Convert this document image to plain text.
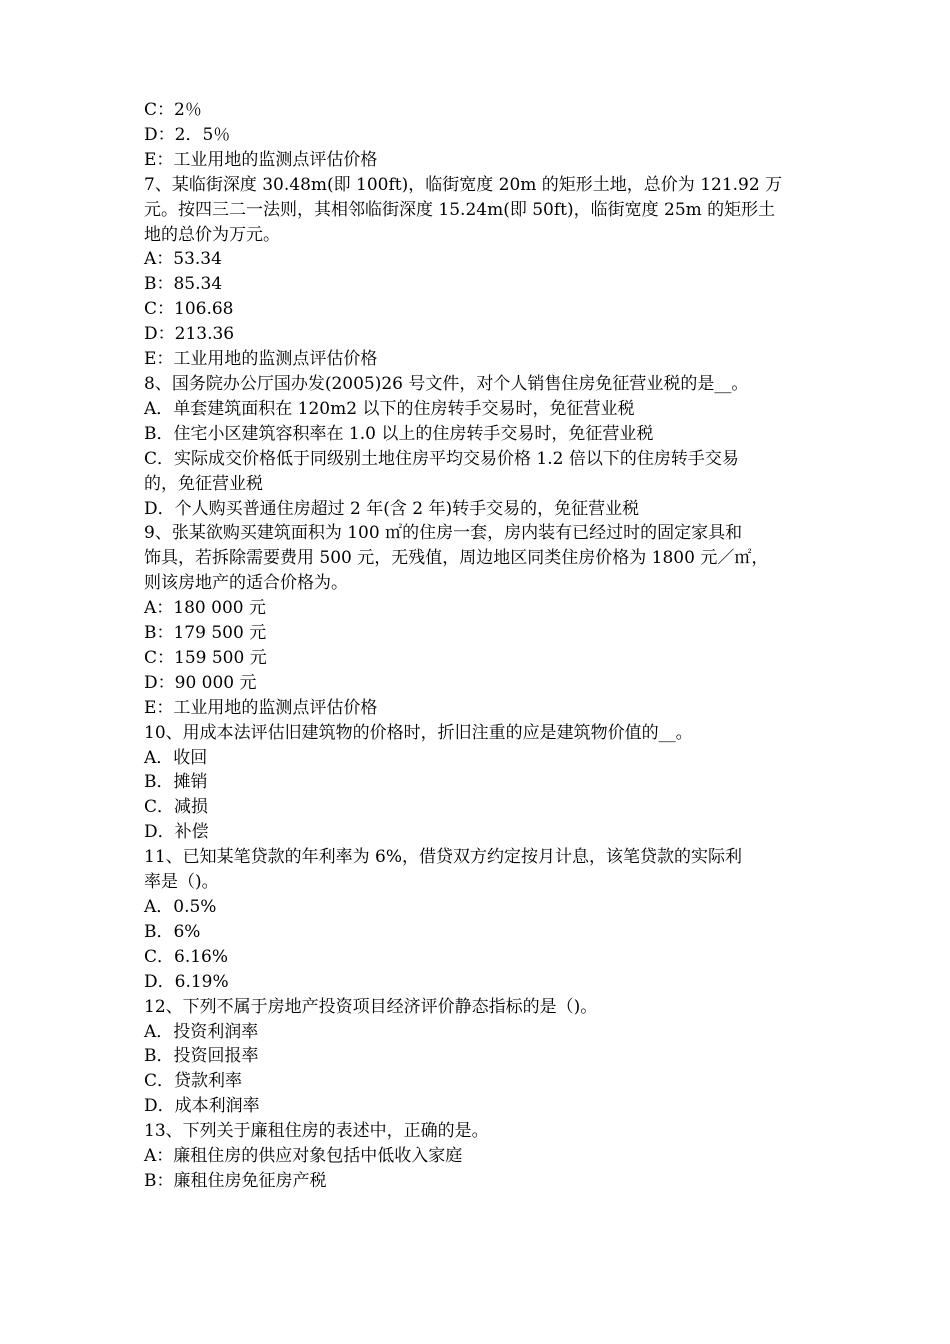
C：2％
D：2．5％
E：工业用地的监测点评估价格
7、某临街深度 30.48m(即 100ft)，临街宽度 20m 的矩形土地，总价为 121.92 万
元。按四三二一法则，其相邻临街深度 15.24m(即 50ft)，临街宽度 25m 的矩形土
地的总价为万元。
A：53.34
B：85.34
C：106.68
D：213.36
E：工业用地的监测点评估价格
8、国务院办公厅国办发(2005)26 号文件，对个人销售住房免征营业税的是__。
A．单套建筑面积在 120m2 以下的住房转手交易时，免征营业税
B．住宅小区建筑容积率在 1.0 以上的住房转手交易时，免征营业税
C．实际成交价格低于同级别土地住房平均交易价格 1.2 倍以下的住房转手交易
的，免征营业税
D．个人购买普通住房超过 2 年(含 2 年)转手交易的，免征营业税
9、张某欲购买建筑面积为 100 ㎡的住房一套，房内装有已经过时的固定家具和
饰具，若拆除需要费用 500 元，无残值，周边地区同类住房价格为 1800 元／㎡，
则该房地产的适合价格为。
A：180 000 元
B：179 500 元
C：159 500 元
D：90 000 元
E：工业用地的监测点评估价格
10、用成本法评估旧建筑物的价格时，折旧注重的应是建筑物价值的__。
A．收回
B．摊销
C．减损
D．补偿
11、已知某笔贷款的年利率为 6%，借贷双方约定按月计息，该笔贷款的实际利
率是（)。
A．0.5%
B．6%
C．6.16%
D．6.19%
12、下列不属于房地产投资项目经济评价静态指标的是（)。
A．投资利润率
B．投资回报率
C．贷款利率
D．成本利润率
13、下列关于廉租住房的表述中，正确的是。
A：廉租住房的供应对象包括中低收入家庭
B：廉租住房免征房产税
